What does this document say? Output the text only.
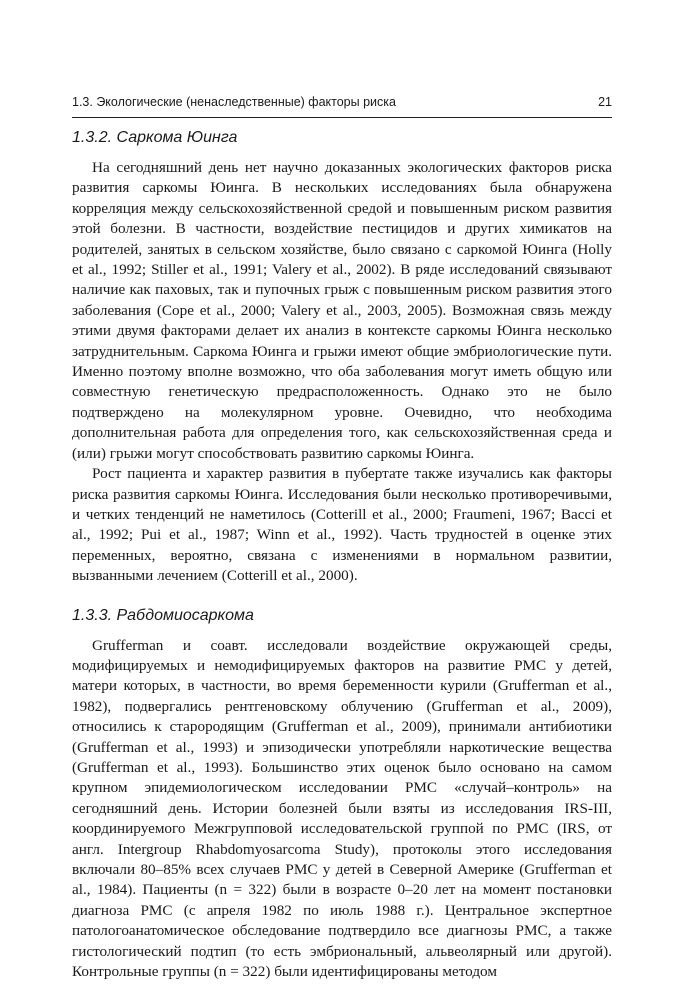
1.3. Экологические (ненаследственные) факторы риска	21
1.3.2. Саркома Юинга

На сегодняшний день нет научно доказанных экологических факторов риска развития саркомы Юинга. В нескольких исследованиях была обнаружена корреляция между сельскохозяйственной средой и повышенным риском развития этой болезни. В частности, воздействие пестицидов и других химикатов на родителей, занятых в сельском хозяйстве, было связано с саркомой Юинга (Holly et al., 1992; Stiller et al., 1991; Valery et al., 2002). В ряде исследований связывают наличие как паховых, так и пупочных грыж с повышенным риском развития этого заболевания (Cope et al., 2000; Valery et al., 2003, 2005). Возможная связь между этими двумя факторами делает их анализ в контексте саркомы Юинга несколько затруднительным. Саркома Юинга и грыжи имеют общие эмбриологические пути. Именно поэтому вполне возможно, что оба заболевания могут иметь общую или совместную генетическую предрасположенность. Однако это не было подтверждено на молекулярном уровне. Очевидно, что необходима дополнительная работа для определения того, как сельскохозяйственная среда и (или) грыжи могут способствовать развитию саркомы Юинга.

Рост пациента и характер развития в пубертате также изучались как факторы риска развития саркомы Юинга. Исследования были несколько противоречивыми, и четких тенденций не наметилось (Cotterill et al., 2000; Fraumeni, 1967; Bacci et al., 1992; Pui et al., 1987; Winn et al., 1992). Часть трудностей в оценке этих переменных, вероятно, связана с изменениями в нормальном развитии, вызванными лечением (Cotterill et al., 2000).

1.3.3. Рабдомиосаркома

Grufferman и соавт. исследовали воздействие окружающей среды, модифицируемых и немодифицируемых факторов на развитие РМС у детей, матери которых, в частности, во время беременности курили (Grufferman et al., 1982), подвергались рентгеновскому облучению (Grufferman et al., 2009), относились к старородящим (Grufferman et al., 2009), принимали антибиотики (Grufferman et al., 1993) и эпизодически употребляли наркотические вещества (Grufferman et al., 1993). Большинство этих оценок было основано на самом крупном эпидемиологическом исследовании РМС «случай–контроль» на сегодняшний день. Истории болезней были взяты из исследования IRS-III, координируемого Межгрупповой исследовательской группой по РМС (IRS, от англ. Intergroup Rhabdomyosarcoma Study), протоколы этого исследования включали 80–85% всех случаев РМС у детей в Северной Америке (Grufferman et al., 1984). Пациенты (n = 322) были в возрасте 0–20 лет на момент постановки диагноза РМС (с апреля 1982 по июль 1988 г.). Центральное экспертное патологоанатомическое обследование подтвердило все диагнозы РМС, а также гистологический подтип (то есть эмбриональный, альвеолярный или другой). Контрольные группы (n = 322) были идентифицированы методом
